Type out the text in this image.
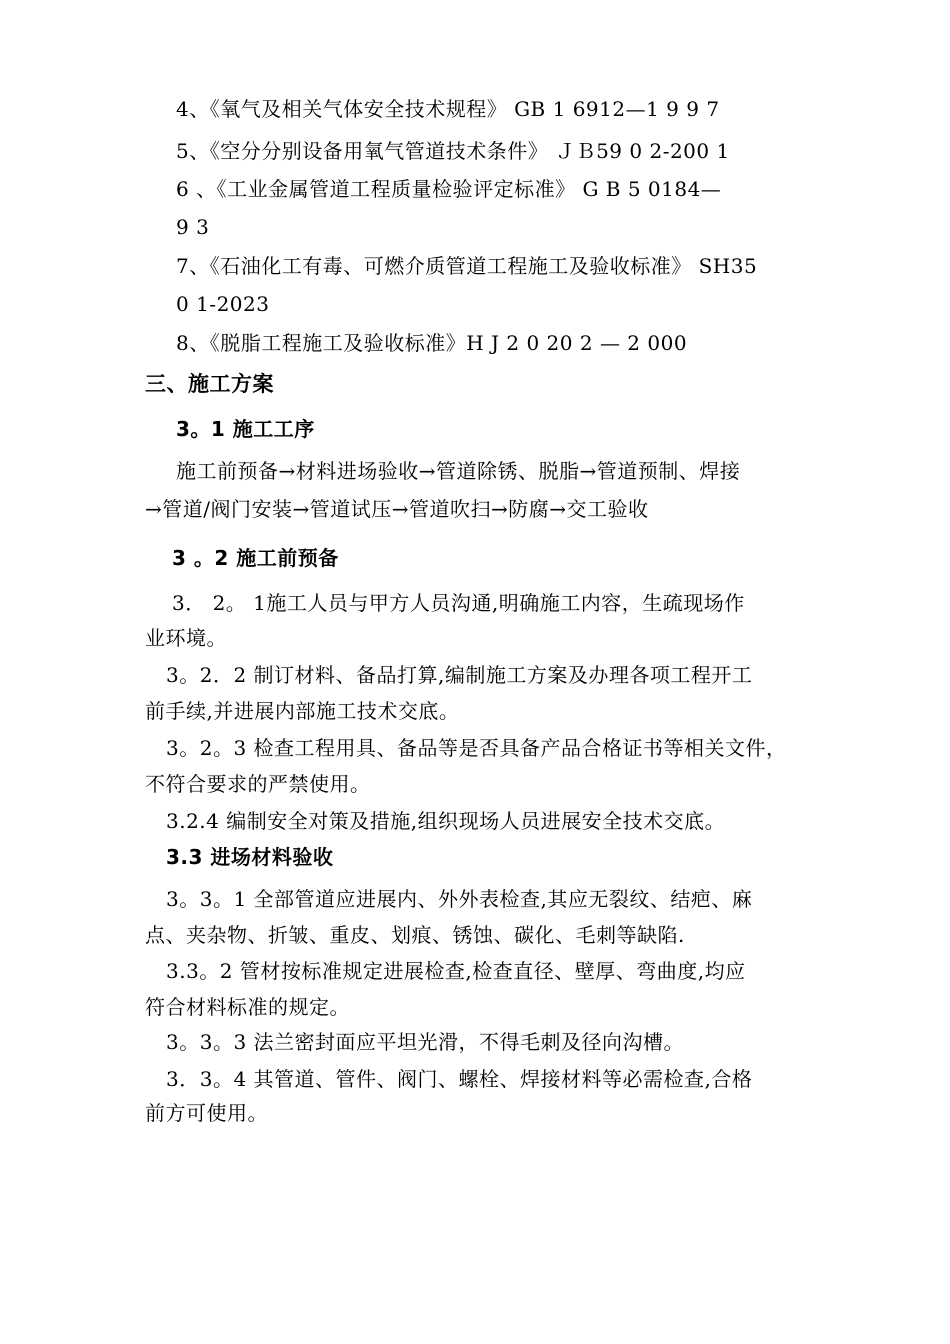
4、《氧气及相关气体安全技术规程》 GB 1 6912—1 9 9 7
5、《空分分别设备用氧气管道技术条件》 ＪＢ59 0 2-200 1
6 、《工业金属管道工程质量检验评定标准》 G B 5 0184—
9 3
7、《石油化工有毒、可燃介质管道工程施工及验收标准》 SH35
0 1-2023
8、《脱脂工程施工及验收标准》H J 2 0 20 2 — 2 000
三、施工方案
3。1 施工工序
施工前预备→材料进场验收→管道除锈、脱脂→管道预制、焊接
→管道/阀门安装→管道试压→管道吹扫→防腐→交工验收
3 。2 施工前预备
3． 2。 1施工人员与甲方人员沟通,明确施工内容，生疏现场作
业环境。
3。2．2 制订材料、备品打算,编制施工方案及办理各项工程开工
前手续,并进展内部施工技术交底。
3。2。3 检查工程用具、备品等是否具备产品合格证书等相关文件，
不符合要求的严禁使用。
3.2.4 编制安全对策及措施,组织现场人员进展安全技术交底。
3.3 进场材料验收
3。3。1 全部管道应进展内、外外表检查,其应无裂纹、结疤、麻
点、夹杂物、折皱、重皮、划痕、锈蚀、碳化、毛刺等缺陷.
3.3。2 管材按标准规定进展检查,检查直径、壁厚、弯曲度,均应
符合材料标准的规定。
3。3。3 法兰密封面应平坦光滑，不得毛刺及径向沟槽。
3．3。4 其管道、管件、阀门、螺栓、焊接材料等必需检查,合格
前方可使用。
